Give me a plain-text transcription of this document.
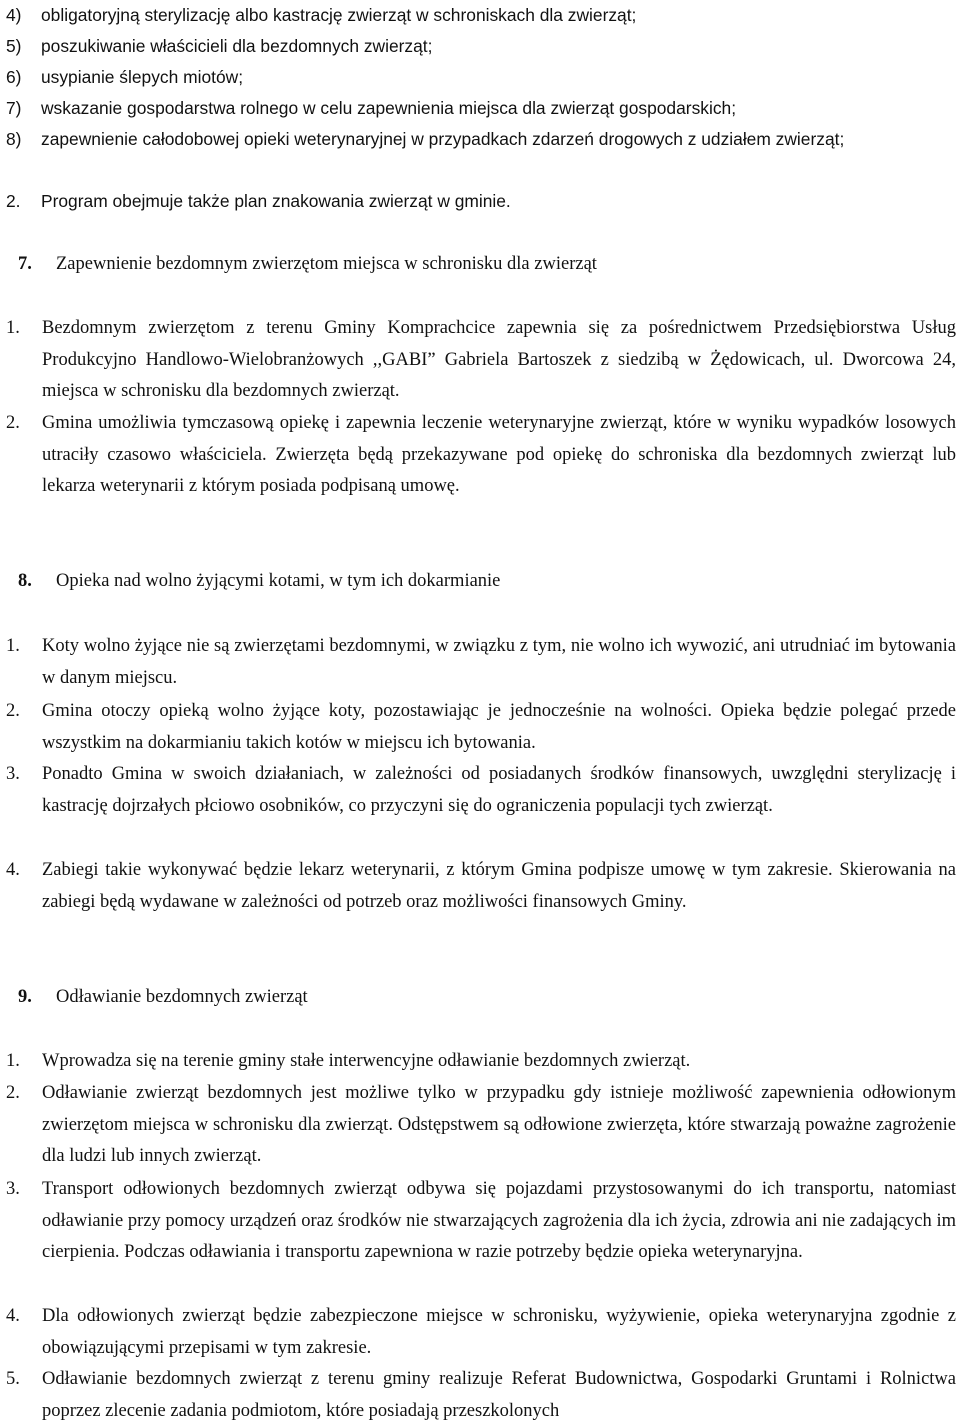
4) obligatoryjną sterylizację albo kastrację zwierząt w schroniskach dla zwierząt;
5) poszukiwanie właścicieli dla bezdomnych zwierząt;
6) usypianie ślepych miotów;
7) wskazanie gospodarstwa rolnego w celu zapewnienia miejsca dla zwierząt gospodarskich;
8) zapewnienie całodobowej opieki weterynaryjnej w przypadkach zdarzeń drogowych z udziałem zwierząt;
2. Program obejmuje także plan znakowania zwierząt w gminie.
7. Zapewnienie bezdomnym zwierzętom miejsca w schronisku dla zwierząt
1. Bezdomnym zwierzętom z terenu Gminy Komprachcice zapewnia się za pośrednictwem Przedsiębiorstwa Usług Produkcyjno Handlowo-Wielobranżowych ,,GABI” Gabriela Bartoszek z siedzibą w Żędowicach, ul. Dworcowa 24, miejsca w schronisku dla bezdomnych zwierząt.
2. Gmina umożliwia tymczasową opiekę i zapewnia leczenie weterynaryjne zwierząt, które w wyniku wypadków losowych utraciły czasowo właściciela. Zwierzęta będą przekazywane pod opiekę do schroniska dla bezdomnych zwierząt lub lekarza weterynarii z którym posiada podpisaną umowę.
8. Opieka nad wolno żyjącymi kotami, w tym ich dokarmianie
1. Koty wolno żyjące nie są zwierzętami bezdomnymi, w związku z tym, nie wolno ich wywozić, ani utrudniać im bytowania w danym miejscu.
2. Gmina otoczy opieką wolno żyjące koty, pozostawiając je jednocześnie na wolności. Opieka będzie polegać przede wszystkim na dokarmianiu takich kotów w miejscu ich bytowania.
3. Ponadto Gmina w swoich działaniach, w zależności od posiadanych środków finansowych, uwzględni sterylizację i kastrację dojrzałych płciowo osobników, co przyczyni się do ograniczenia populacji tych zwierząt.
4. Zabiegi takie wykonywać będzie lekarz weterynarii, z którym Gmina podpisze umowę w tym zakresie. Skierowania na zabiegi będą wydawane w zależności od potrzeb oraz możliwości finansowych Gminy.
9. Odławianie bezdomnych zwierząt
1. Wprowadza się na terenie gminy stałe interwencyjne odławianie bezdomnych zwierząt.
2. Odławianie zwierząt bezdomnych jest możliwe tylko w przypadku gdy istnieje możliwość zapewnienia odłowionym zwierzętom miejsca w schronisku dla zwierząt. Odstępstwem są odłowione zwierzęta, które stwarzają poważne zagrożenie dla ludzi lub innych zwierząt.
3. Transport odłowionych bezdomnych zwierząt odbywa się pojazdami przystosowanymi do ich transportu, natomiast odławianie przy pomocy urządzeń oraz środków nie stwarzających zagrożenia dla ich życia, zdrowia ani nie zadających im cierpienia. Podczas odławiania i transportu zapewniona w razie potrzeby będzie opieka weterynaryjna.
4. Dla odłowionych zwierząt będzie zabezpieczone miejsce w schronisku, wyżywienie, opieka weterynaryjna zgodnie z obowiązującymi przepisami w tym zakresie.
5. Odławianie bezdomnych zwierząt z terenu gminy realizuje Referat Budownictwa, Gospodarki Gruntami i Rolnictwa poprzez zlecenie zadania podmiotom, które posiadają przeszkolonych
